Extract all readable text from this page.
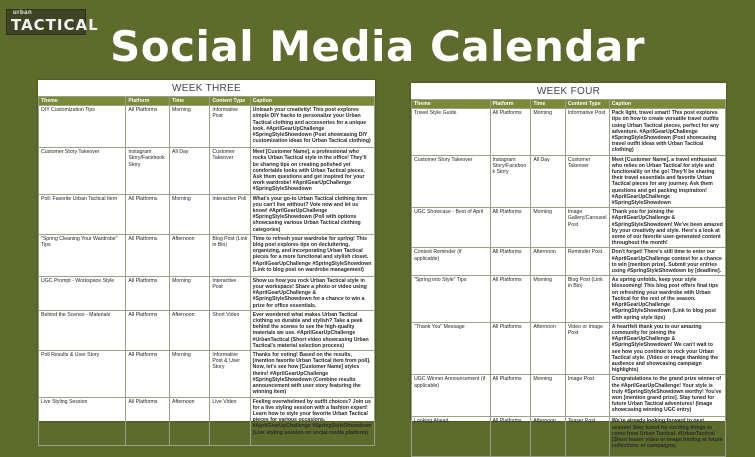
urban
TACTICAL Social Media Calendar
WEEK THREE
Theme	Platform	Time	Content Type	Caption
DIY Customization Tips	All Platforms	Morning	Informative Post	Unleash your creativity! This post explores simple DIY hacks to personalize your Urban Tactical clothing and accessories for a unique look. #AprilGearUpChallenge #SpringStyleShowdown (Post showcasing DIY customization ideas for Urban Tactical clothing)
Customer Story Takeover	Instagram Story/Facebook Story	All Day	Customer Takeover	Meet [Customer Name], a professional who rocks Urban Tactical style in the office! They'll be sharing tips on creating polished yet comfortable looks with Urban Tactical pieces. Ask them questions and get inspired for your work wardrobe! #AprilGearUpChallenge #SpringStyleShowdown
Poll: Favorite Urban Tactical Item	All Platforms	Morning	Interactive Poll	What's your go-to Urban Tactical clothing item you can't live without? Vote now and let us know! #AprilGearUpChallenge #SpringStyleShowdown (Poll with options showcasing various Urban Tactical clothing categories)
"Spring Cleaning Your Wardrobe" Tips	All Platforms	Afternoon	Blog Post (Link in Bio)	Time to refresh your wardrobe for spring! This blog post explores tips on decluttering, organizing, and incorporating Urban Tactical pieces for a more functional and stylish closet. #AprilGearUpChallenge #SpringStyleShowdown (Link to blog post on wardrobe management)
UGC Prompt - Workspace Style	All Platforms	Morning	Interactive Post	Show us how you rock Urban Tactical style in your workspace! Share a photo or video using #AprilGearUpChallenge & #SpringStyleShowdown for a chance to win a prize for office essentials.
Behind the Scenes - Materials	All Platforms	Afternoon	Short Video	Ever wondered what makes Urban Tactical clothing so durable and stylish? Take a peek behind the scenes to see the high-quality materials we use. #AprilGearUpChallenge #UrbanTactical (Short video showcasing Urban Tactical's material selection process)
Poll Results & User Story	All Platforms	Morning	Informative Post & User Story	Thanks for voting! Based on the results, [mention favorite Urban Tactical item from poll]. Now, let's see how [Customer Name] styles theirs! #AprilGearUpChallenge #SpringStyleShowdown (Combine results announcement with user story featuring the winning item)
Live Styling Session	All Platforms	Afternoon	Live Video	Feeling overwhelmed by outfit choices? Join us for a live styling session with a fashion expert! Learn how to style your favorite Urban Tactical pieces for various occasions. #AprilGearUpChallenge #SpringStyleShowdown (Live styling session on social media platform)
WEEK FOUR
Theme	Platform	Time	Content Type	Caption
Travel Style Guide	All Platforms	Morning	Informative Post	Pack light, travel smart! This post explores tips on how to create versatile travel outfits using Urban Tactical pieces, perfect for any adventure. #AprilGearUpChallenge #SpringStyleShowdown (Post showcasing travel outfit ideas with Urban Tactical clothing)
Customer Story Takeover	Instagram Story/Facebook Story	All Day	Customer Takeover	Meet [Customer Name], a travel enthusiast who relies on Urban Tactical for style and functionality on the go! They'll be sharing their travel essentials and favorite Urban Tactical pieces for any journey. Ask them questions and get packing inspiration! #AprilGearUpChallenge #SpringStyleShowdown
UGC Showcase - Best of April	All Platforms	Morning	Image Gallery/Carousel Post	Thank you for joining the #AprilGearUpChallenge & #SpringStyleShowdown! We've been amazed by your creativity and style. Here's a look at some of our favorite user-generated content throughout the month!
Contest Reminder (if applicable)	All Platforms	Afternoon	Reminder Post	Don't forget! There's still time to enter our #AprilGearUpChallenge contest for a chance to win [mention prize]. Submit your entries using #SpringStyleShowdown by [deadline].
"Spring into Style" Tips	All Platforms	Morning	Blog Post (Link in Bio)	As spring unfolds, keep your style blossoming! This blog post offers final tips on refreshing your wardrobe with Urban Tactical for the rest of the season. #AprilGearUpChallenge #SpringStyleShowdown (Link to blog post with spring style tips)
"Thank You" Message	All Platforms	Afternoon	Video or Image Post	A heartfelt thank you to our amazing community for joining the #AprilGearUpChallenge & #SpringStyleShowdown! We can't wait to see how you continue to rock your Urban Tactical style. (Video or image thanking the audience and showcasing campaign highlights)
UGC Winner Announcement (if applicable)	All Platforms	Morning	Image Post	Congratulations to the grand prize winner of the #AprilGearUpChallenge! Your style is truly #SpringStyleShowdown worthy! You've won [mention grand prize]. Stay tuned for future Urban Tactical adventures! (Image showcasing winning UGC entry)
Looking Ahead	All Platforms	Afternoon	Teaser Post	We're already looking forward to next season! Stay tuned for exciting things to come from Urban Tactical. #UrbanTactical (Short teaser video or image hinting at future collections or campaigns)
